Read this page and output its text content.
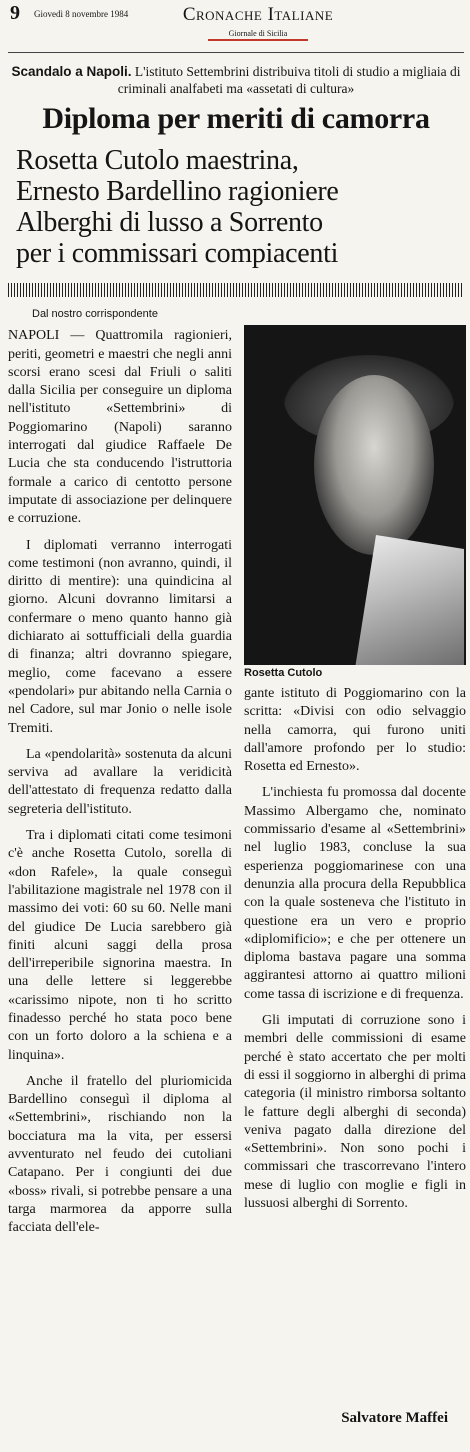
9 Giovedì 8 novembre 1984	Cronache Italiane
Giornale di Sicilia
Scandalo a Napoli. L'istituto Settembrini distribuiva titoli di studio a migliaia di criminali analfabeti ma «assetati di cultura»
Diploma per meriti di camorra
Rosetta Cutolo maestrina,
Ernesto Bardellino ragioniere
Alberghi di lusso a Sorrento
per i commissari compiacenti
Dal nostro corrispondente

NAPOLI — Quattromila ragionieri, periti, geometri e maestri che negli anni scorsi erano scesi dal Friuli o saliti dalla Sicilia per conseguire un diploma nell'istituto «Settembrini» di Poggiomarino (Napoli) saranno interrogati dal giudice Raffaele De Lucia che sta conducendo l'istruttoria formale a carico di centotto persone imputate di associazione per delinquere e corruzione.

I diplomati verranno interrogati come testimoni (non avranno, quindi, il diritto di mentire): una quindicina al giorno. Alcuni dovranno limitarsi a confermare o meno quanto hanno già dichiarato ai sottufficiali della guardia di finanza; altri dovranno spiegare, meglio, come facevano a essere «pendolari» pur abitando nella Carnia o nel Cadore, sul mar Jonio o nelle isole Tremiti.

La «pendolarità» sostenuta da alcuni serviva ad avallare la veridicità dell'attestato di frequenza redatto dalla segreteria dell'istituto.

Tra i diplomati citati come tesimoni c'è anche Rosetta Cutolo, sorella di «don Rafele», la quale conseguì l'abilitazione magistrale nel 1978 con il massimo dei voti: 60 su 60. Nelle mani del giudice De Lucia sarebbero già finiti alcuni saggi della prosa dell'irreperibile signorina maestra. In una delle lettere si leggerebbe «carissimo nipote, non ti ho scritto finadesso perché ho stata poco bene con un forto doloro a la schiena e a linquina».

Anche il fratello del pluriomicida Bardellino conseguì il diploma al «Settembrini», rischiando non la bocciatura ma la vita, per essersi avventurato nel feudo dei cutoliani Catapano. Per i congiunti dei due «boss» rivali, si potrebbe pensare a una targa marmorea da apporre sulla facciata dell'ele-

Rosetta Cutolo

gante istituto di Poggiomarino con la scritta: «Divisi con odio selvaggio nella camorra, qui furono uniti dall'amore profondo per lo studio: Rosetta ed Ernesto».

L'inchiesta fu promossa dal docente Massimo Albergamo che, nominato commissario d'esame al «Settembrini» nel luglio 1983, concluse la sua esperienza poggiomarinese con una denunzia alla procura della Repubblica con la quale sosteneva che l'istituto in questione era un vero e proprio «diplomificio»; e che per ottenere un diploma bastava pagare una somma aggirantesi attorno ai quattro milioni come tassa di iscrizione e di frequenza.

Gli imputati di corruzione sono i membri delle commissioni di esame perché è stato accertato che per molti di essi il soggiorno in alberghi di prima categoria (il ministro rimborsa soltanto le fatture degli alberghi di seconda) veniva pagato dalla direzione del «Settembrini». Non sono pochi i commissari che trascorrevano l'intero mese di luglio con moglie e figli in lussuosi alberghi di Sorrento.

Salvatore Maffei
